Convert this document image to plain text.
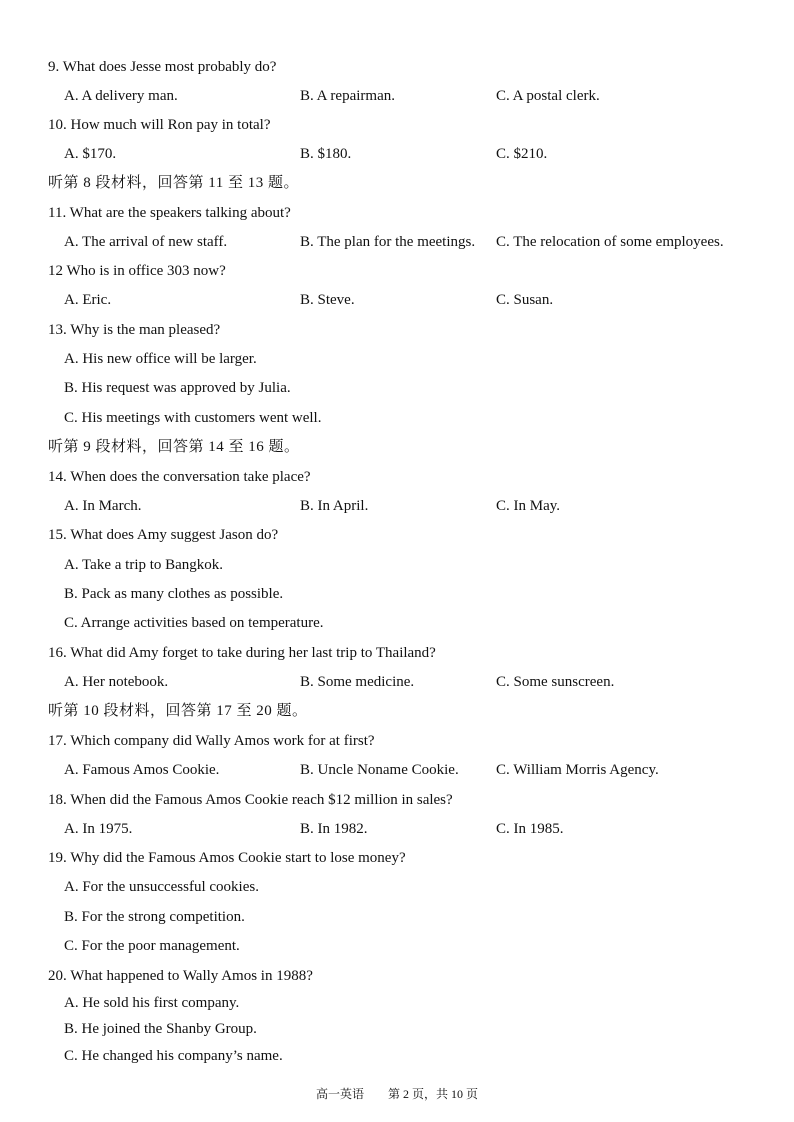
9. What does Jesse most probably do?
A. A delivery man.	B. A repairman.	C. A postal clerk.
10. How much will Ron pay in total?
A. $170.	B. $180.	C. $210.
听第 8 段材料，回答第 11 至 13 题。
11. What are the speakers talking about?
A. The arrival of new staff.	B. The plan for the meetings. C. The relocation of some employees.
12 Who is in office 303 now?
A. Eric.	B. Steve.	C. Susan.
13. Why is the man pleased?
A. His new office will be larger.
B. His request was approved by Julia.
C. His meetings with customers went well.
听第 9 段材料，回答第 14 至 16 题。
14. When does the conversation take place?
A. In March.	B. In April.	C. In May.
15. What does Amy suggest Jason do?
A. Take a trip to Bangkok.
B. Pack as many clothes as possible.
C. Arrange activities based on temperature.
16. What did Amy forget to take during her last trip to Thailand?
A. Her notebook.	B. Some medicine.	C. Some sunscreen.
听第 10 段材料，回答第 17 至 20 题。
17. Which company did Wally Amos work for at first?
A. Famous Amos Cookie.	B. Uncle Noname Cookie. C. William Morris Agency.
18. When did the Famous Amos Cookie reach $12 million in sales?
A. In 1975.	B. In 1982.	C. In 1985.
19. Why did the Famous Amos Cookie start to lose money?
A. For the unsuccessful cookies.
B. For the strong competition.
C. For the poor management.
20. What happened to Wally Amos in 1988?
A. He sold his first company.
B. He joined the Shanby Group.
C. He changed his company’s name.
高一英语　　第 2 页，共 10 页
